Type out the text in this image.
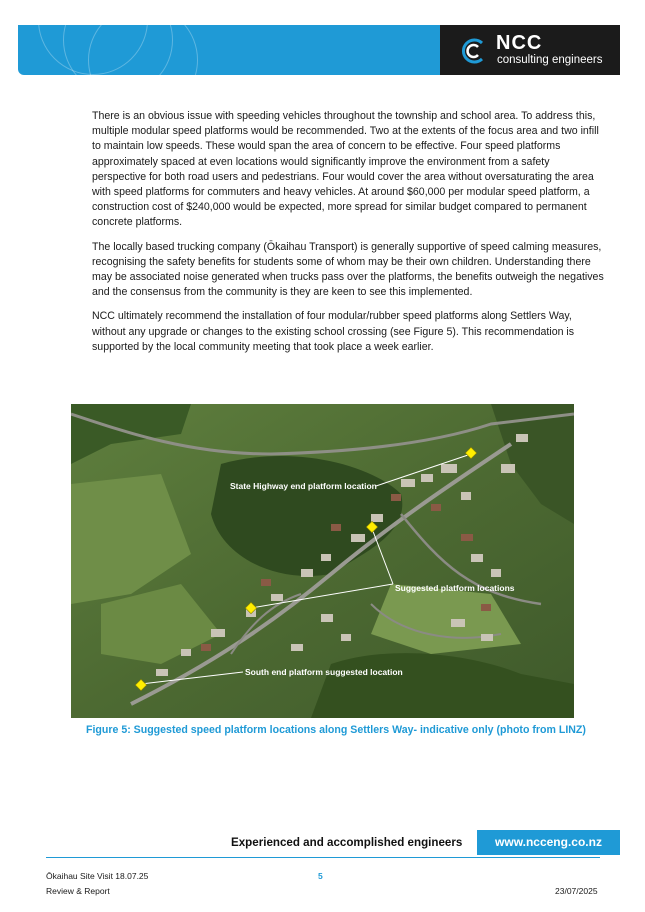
NCC
consulting engineers

There is an obvious issue with speeding vehicles throughout the township and school area. To address this, multiple modular speed platforms would be recommended. Two at the extents of the focus area and two infill to maintain low speeds. These would span the area of concern to be effective. Four speed platforms approximately spaced at even locations would significantly improve the environment from a safety perspective for both road users and pedestrians. Four would cover the area without oversaturating the area with speed platforms for commuters and heavy vehicles. At around $60,000 per modular speed platform, a construction cost of $240,000 would be expected, more spread for similar budget compared to permanent concrete platforms.

The locally based trucking company (Ōkaihau Transport) is generally supportive of speed calming measures, recognising the safety benefits for students some of whom may be their own children. Understanding there may be associated noise generated when trucks pass over the platforms, the benefits outweigh the negatives and the consensus from the community is they are keen to see this implemented.

NCC ultimately recommend the installation of four modular/rubber speed platforms along Settlers Way, without any upgrade or changes to the existing school crossing (see Figure 5). This recommendation is supported by the local community meeting that took place a week earlier.

State Highway end platform location
Suggested platform locations
South end platform suggested location
Figure 5: Suggested speed platform locations along Settlers Way- indicative only (photo from LINZ)
Experienced and accomplished engineers	www.ncceng.co.nz
Ōkaihau Site Visit 18.07.25
Review & Report
5
23/07/2025
